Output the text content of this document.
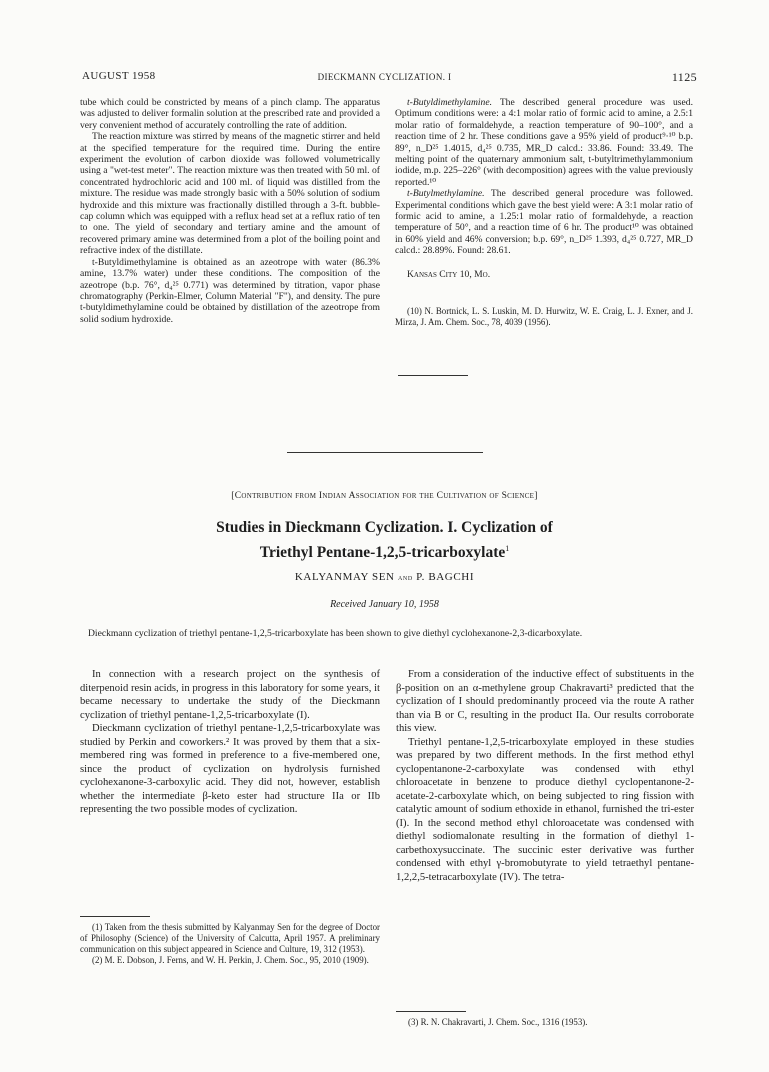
AUGUST 1958	DIECKMANN CYCLIZATION. I	1125

tube which could be constricted by means of a pinch clamp. The apparatus was adjusted to deliver formalin solution at the prescribed rate and provided a very convenient method of accurately controlling the rate of addition.

The reaction mixture was stirred by means of the magnetic stirrer and held at the specified temperature for the required time. During the entire experiment the evolution of carbon dioxide was followed volumetrically using a "wet-test meter". The reaction mixture was then treated with 50 ml. of concentrated hydrochloric acid and 100 ml. of liquid was distilled from the mixture. The residue was made strongly basic with a 50% solution of sodium hydroxide and this mixture was fractionally distilled through a 3-ft. bubble-cap column which was equipped with a reflux head set at a reflux ratio of ten to one. The yield of secondary and tertiary amine and the amount of recovered primary amine was determined from a plot of the boiling point and refractive index of the distillate.

t-Butyldimethylamine is obtained as an azeotrope with water (86.3% amine, 13.7% water) under these conditions. The composition of the azeotrope (b.p. 76°, d₄²⁵ 0.771) was determined by titration, vapor phase chromatography (Perkin-Elmer, Column Material "F"), and density. The pure t-butyldimethylamine could be obtained by distillation of the azeotrope from solid sodium hydroxide.

t-Butyldimethylamine. The described general procedure was used. Optimum conditions were: a 4:1 molar ratio of formic acid to amine, a 2.5:1 molar ratio of formaldehyde, a reaction temperature of 90–100°, and a reaction time of 2 hr. These conditions gave a 95% yield of product⁹·¹⁰ b.p. 89°, n_D²⁵ 1.4015, d₄²⁵ 0.735, MR_D calcd.: 33.86. Found: 33.49. The melting point of the quaternary ammonium salt, t-butyltrimethylammonium iodide, m.p. 225–226° (with decomposition) agrees with the value previously reported.¹⁰

t-Butylmethylamine. The described general procedure was followed. Experimental conditions which gave the best yield were: A 3:1 molar ratio of formic acid to amine, a 1.25:1 molar ratio of formaldehyde, a reaction temperature of 50°, and a reaction time of 6 hr. The product¹⁰ was obtained in 60% yield and 46% conversion; b.p. 69°, n_D²⁵ 1.393, d₄²⁵ 0.727, MR_D calcd.: 28.89%. Found: 28.61.

Kansas City 10, Mo.

(10) N. Bortnick, L. S. Luskin, M. D. Hurwitz, W. E. Craig, L. J. Exner, and J. Mirza, J. Am. Chem. Soc., 78, 4039 (1956).

[Contribution from Indian Association for the Cultivation of Science]
Studies in Dieckmann Cyclization. I. Cyclization of
Triethyl Pentane-1,2,5-tricarboxylate$^1$
KALYANMAY SEN and P. BAGCHI
Received January 10, 1958
Dieckmann cyclization of triethyl pentane-1,2,5-tricarboxylate has been shown to give diethyl cyclohexanone-2,3-dicarboxylate.

In connection with a research project on the synthesis of diterpenoid resin acids, in progress in this laboratory for some years, it became necessary to undertake the study of the Dieckmann cyclization of triethyl pentane-1,2,5-tricarboxylate (I).

Dieckmann cyclization of triethyl pentane-1,2,5-tricarboxylate was studied by Perkin and coworkers.² It was proved by them that a six-membered ring was formed in preference to a five-membered one, since the product of cyclization on hydrolysis furnished cyclohexanone-3-carboxylic acid. They did not, however, establish whether the intermediate β-keto ester had structure IIa or IIb representing the two possible modes of cyclization.

From a consideration of the inductive effect of substituents in the β-position on an α-methylene group Chakravarti³ predicted that the cyclization of I should predominantly proceed via the route A rather than via B or C, resulting in the product IIa. Our results corroborate this view.

Triethyl pentane-1,2,5-tricarboxylate employed in these studies was prepared by two different methods. In the first method ethyl cyclopentanone-2-carboxylate was condensed with ethyl chloroacetate in benzene to produce diethyl cyclopentanone-2-acetate-2-carboxylate which, on being subjected to ring fission with catalytic amount of sodium ethoxide in ethanol, furnished the tri-ester (I). In the second method ethyl chloroacetate was condensed with diethyl sodiomalonate resulting in the formation of diethyl 1-carbethoxysuccinate. The succinic ester derivative was further condensed with ethyl γ-bromobutyrate to yield tetraethyl pentane-1,2,2,5-tetracarboxylate (IV). The tetra-

(1) Taken from the thesis submitted by Kalyanmay Sen for the degree of Doctor of Philosophy (Science) of the University of Calcutta, April 1957. A preliminary communication on this subject appeared in Science and Culture, 19, 312 (1953).

(2) M. E. Dobson, J. Ferns, and W. H. Perkin, J. Chem. Soc., 95, 2010 (1909).

(3) R. N. Chakravarti, J. Chem. Soc., 1316 (1953).
